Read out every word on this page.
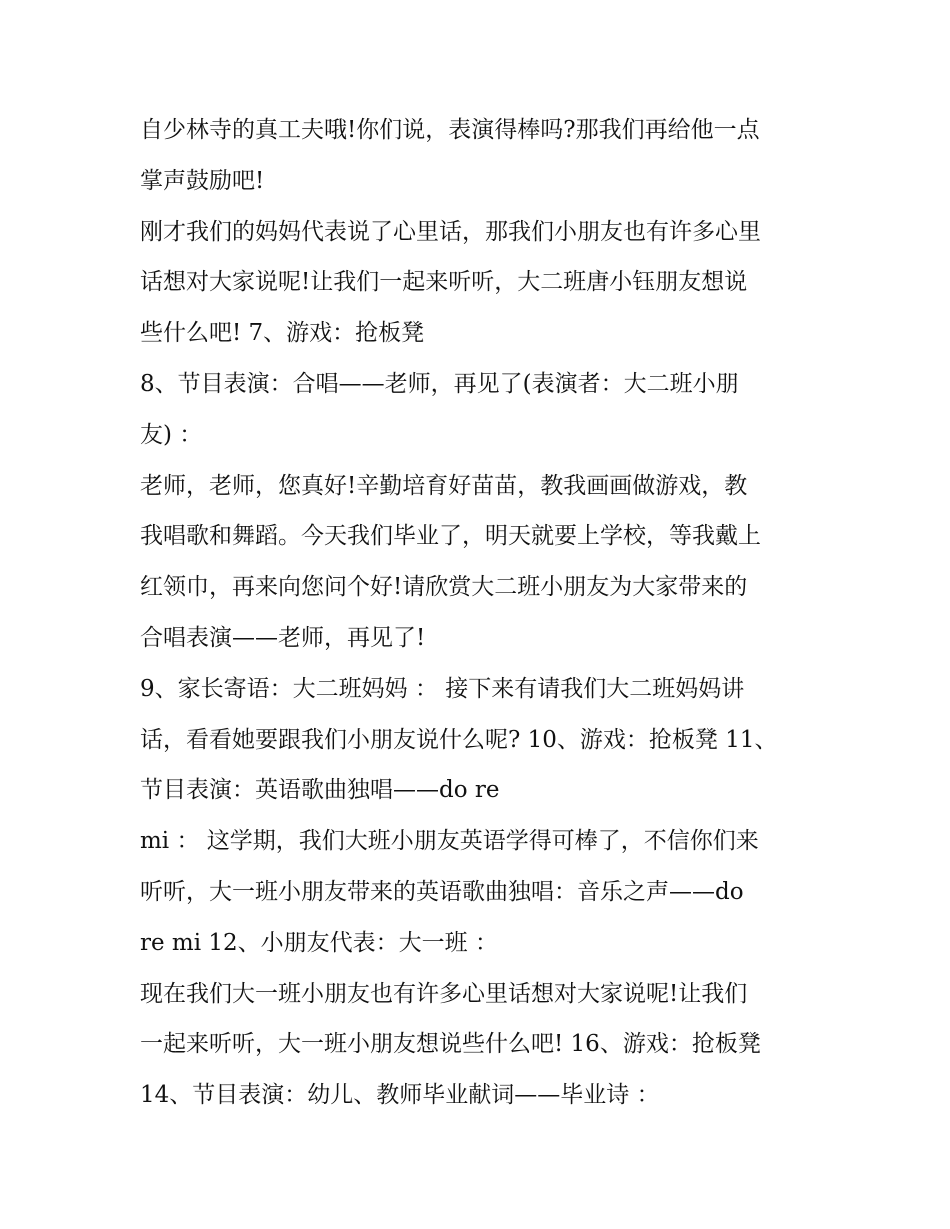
自少林寺的真工夫哦!你们说，表演得棒吗?那我们再给他一点
掌声鼓励吧!
刚才我们的妈妈代表说了心里话，那我们小朋友也有许多心里
话想对大家说呢!让我们一起来听听，大二班唐小钰朋友想说
些什么吧! 7、游戏：抢板凳
8、节目表演：合唱——老师，再见了(表演者：大二班小朋
友) ：
老师，老师，您真好!辛勤培育好苗苗，教我画画做游戏，教
我唱歌和舞蹈。今天我们毕业了，明天就要上学校，等我戴上
红领巾，再来向您问个好!请欣赏大二班小朋友为大家带来的
合唱表演——老师，再见了!
9、家长寄语：大二班妈妈 ： 接下来有请我们大二班妈妈讲
话，看看她要跟我们小朋友说什么呢? 10、游戏：抢板凳 11、
节目表演：英语歌曲独唱——do re
mi ： 这学期，我们大班小朋友英语学得可棒了，不信你们来
听听，大一班小朋友带来的英语歌曲独唱：音乐之声——do
re mi 12、小朋友代表：大一班 ：
现在我们大一班小朋友也有许多心里话想对大家说呢!让我们
一起来听听，大一班小朋友想说些什么吧! 16、游戏：抢板凳
14、节目表演：幼儿、教师毕业献词——毕业诗 ：
